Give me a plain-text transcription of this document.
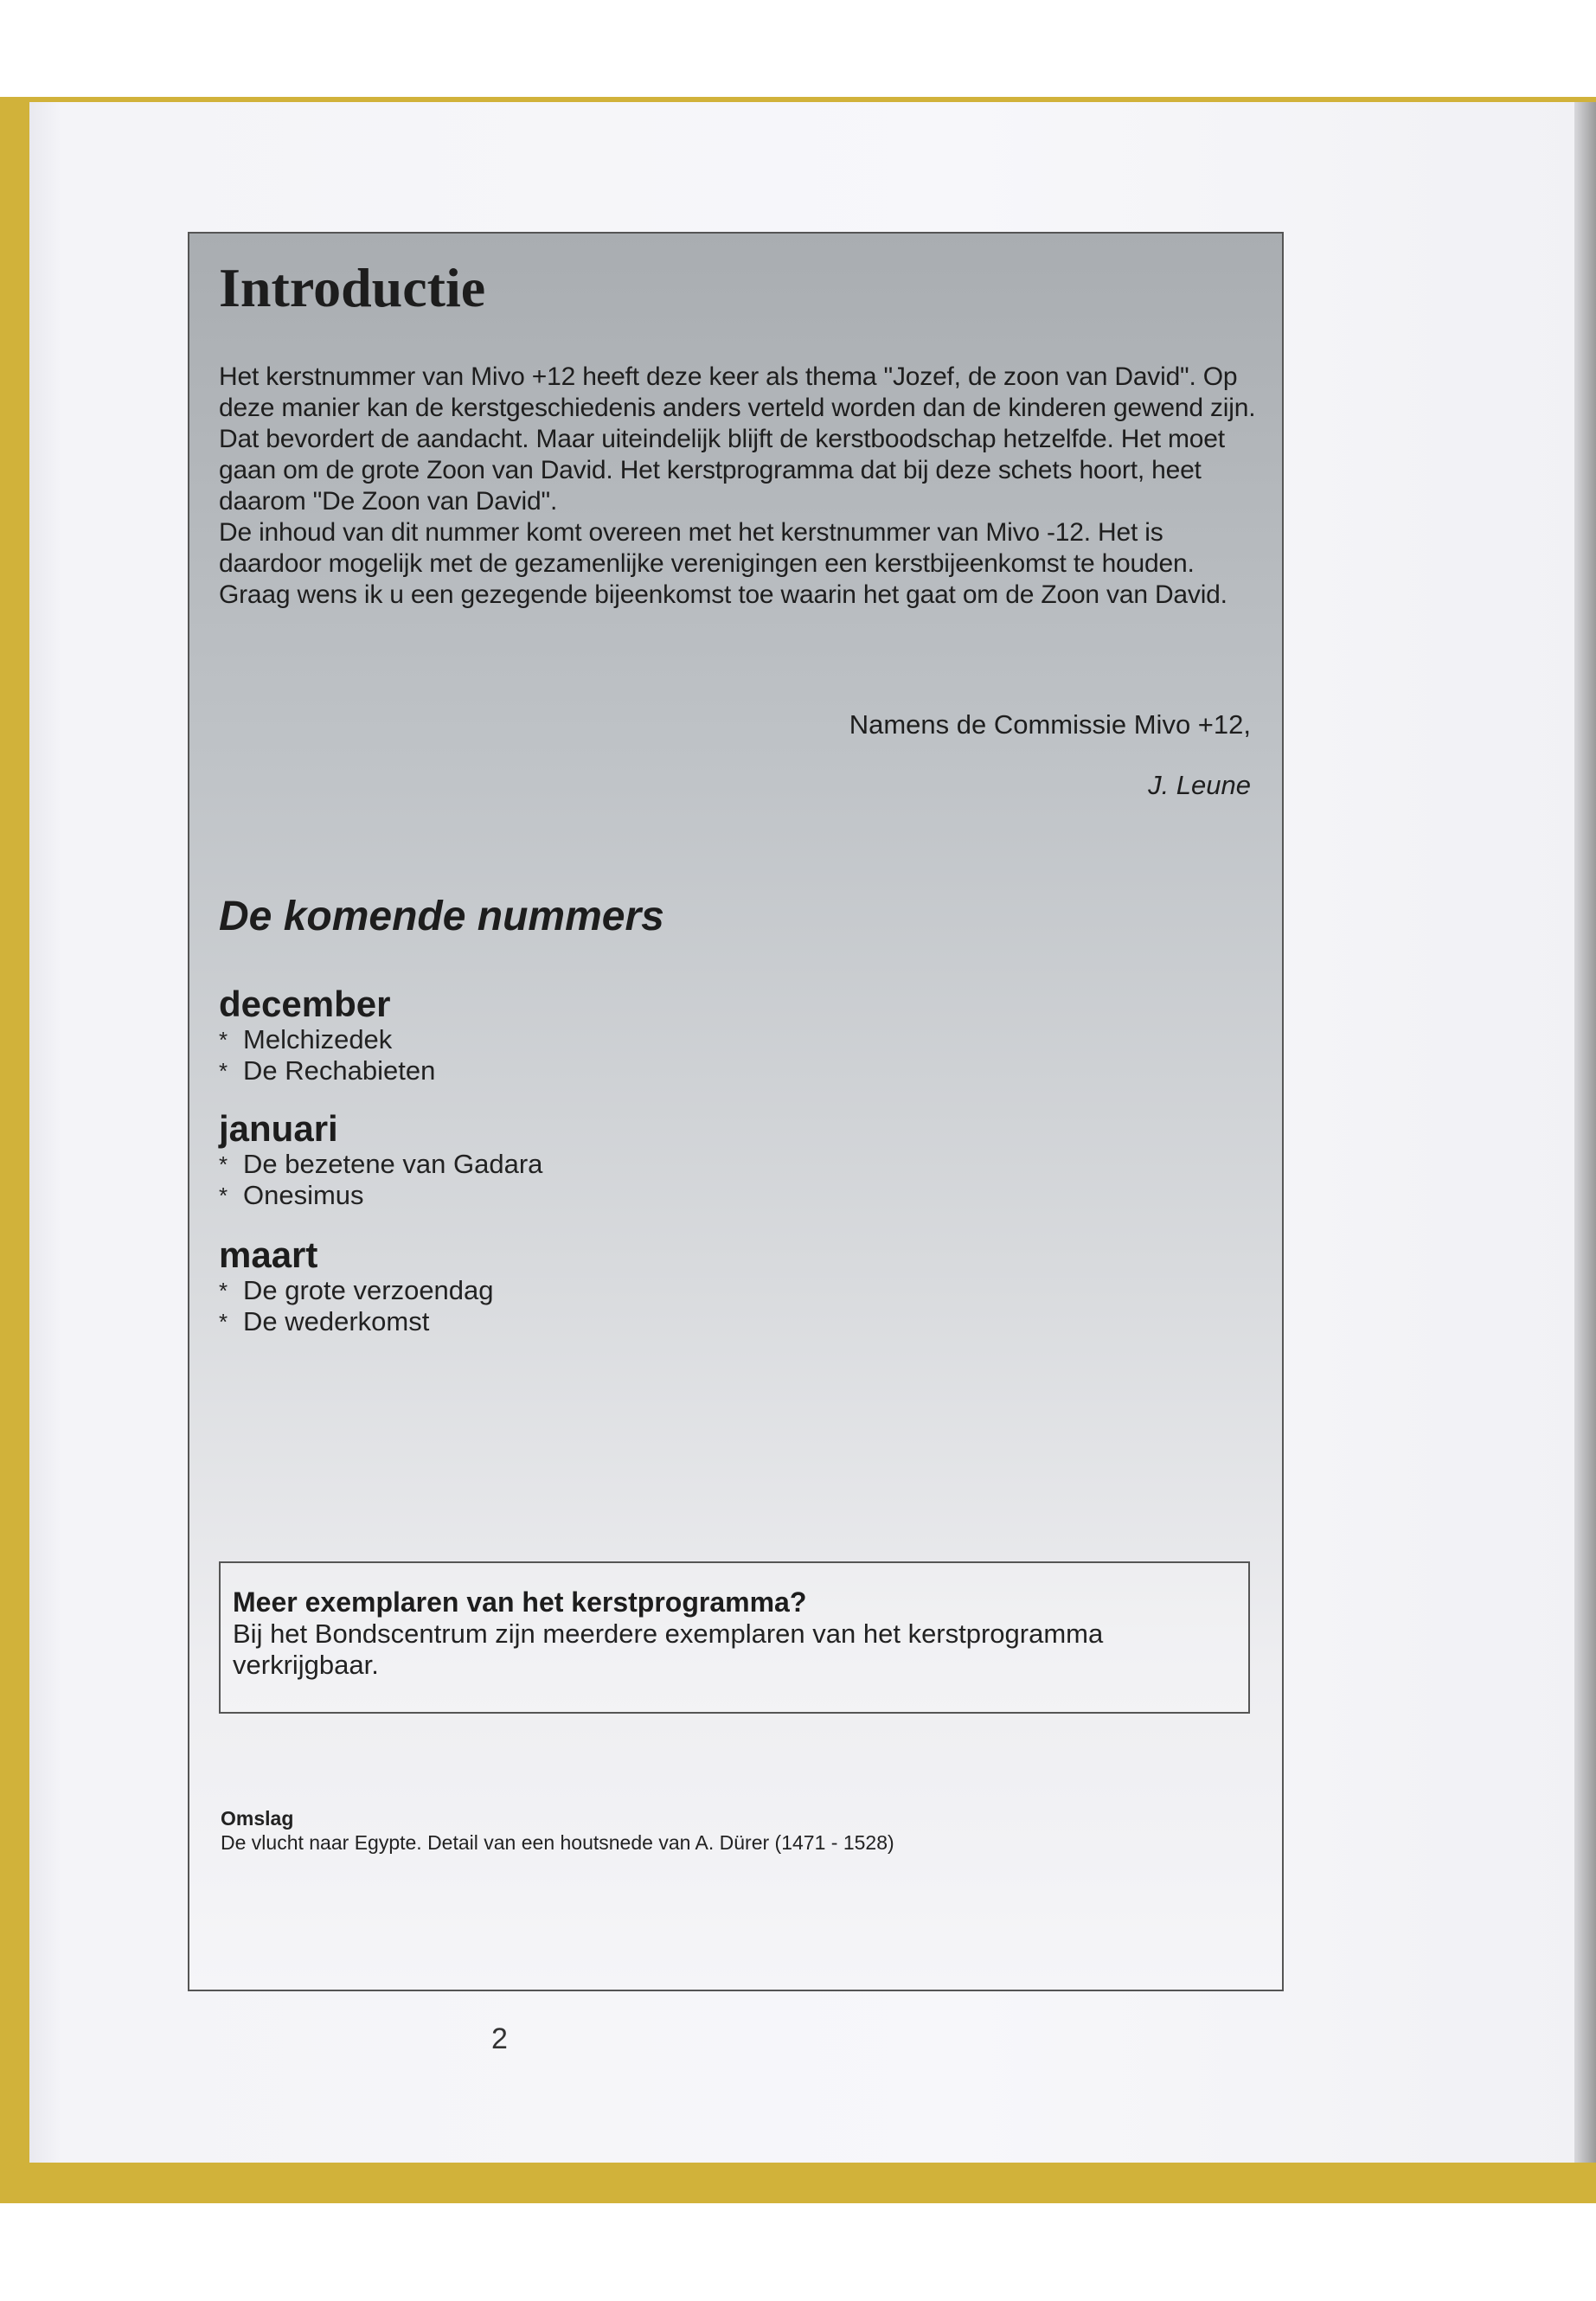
Introductie

Het kerstnummer van Mivo +12 heeft deze keer als thema "Jozef, de zoon van David". Op deze manier kan de kerstgeschiedenis anders verteld worden dan de kinderen gewend zijn. Dat bevordert de aandacht. Maar uiteindelijk blijft de kerstboodschap hetzelfde. Het moet gaan om de grote Zoon van David. Het kerstprogramma dat bij deze schets hoort, heet daarom "De Zoon van David".

De inhoud van dit nummer komt overeen met het kerstnummer van Mivo -12. Het is daardoor mogelijk met de gezamenlijke verenigingen een kerstbijeenkomst te houden. Graag wens ik u een gezegende bijeenkomst toe waarin het gaat om de Zoon van David.

Namens de Commissie Mivo +12,
J. Leune
De komende nummers
december
* Melchizedek
* De Rechabieten
januari
* De bezetene van Gadara
* Onesimus
maart
* De grote verzoendag
* De wederkomst
Meer exemplaren van het kerstprogramma?
Bij het Bondscentrum zijn meerdere exemplaren van het kerstprogramma verkrijgbaar.
Omslag
De vlucht naar Egypte. Detail van een houtsnede van A. Dürer (1471 - 1528)
2
